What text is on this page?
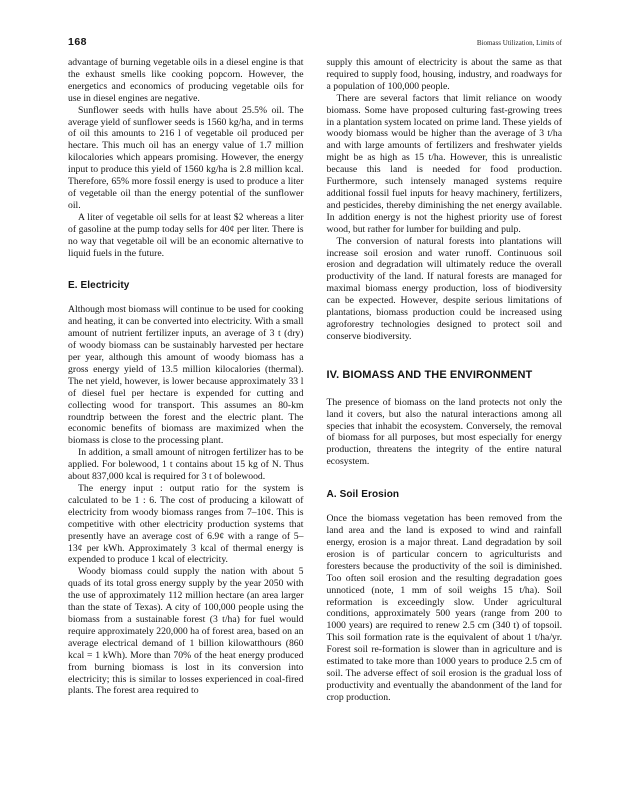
168	Biomass Utilization, Limits of

advantage of burning vegetable oils in a diesel engine is that the exhaust smells like cooking popcorn. However, the energetics and economics of producing vegetable oils for use in diesel engines are negative.

Sunflower seeds with hulls have about 25.5% oil. The average yield of sunflower seeds is 1560 kg/ha, and in terms of oil this amounts to 216 l of vegetable oil produced per hectare. This much oil has an energy value of 1.7 million kilocalories which appears promising. However, the energy input to produce this yield of 1560 kg/ha is 2.8 million kcal. Therefore, 65% more fossil energy is used to produce a liter of vegetable oil than the energy potential of the sunflower oil.

A liter of vegetable oil sells for at least $2 whereas a liter of gasoline at the pump today sells for 40¢ per liter. There is no way that vegetable oil will be an economic alternative to liquid fuels in the future.

E. Electricity

Although most biomass will continue to be used for cooking and heating, it can be converted into electricity. With a small amount of nutrient fertilizer inputs, an average of 3 t (dry) of woody biomass can be sustainably harvested per hectare per year, although this amount of woody biomass has a gross energy yield of 13.5 million kilocalories (thermal). The net yield, however, is lower because approximately 33 l of diesel fuel per hectare is expended for cutting and collecting wood for transport. This assumes an 80-km roundtrip between the forest and the electric plant. The economic benefits of biomass are maximized when the biomass is close to the processing plant.

In addition, a small amount of nitrogen fertilizer has to be applied. For bolewood, 1 t contains about 15 kg of N. Thus about 837,000 kcal is required for 3 t of bolewood.

The energy input : output ratio for the system is calculated to be 1 : 6. The cost of producing a kilowatt of electricity from woody biomass ranges from 7–10¢. This is competitive with other electricity production systems that presently have an average cost of 6.9¢ with a range of 5–13¢ per kWh. Approximately 3 kcal of thermal energy is expended to produce 1 kcal of electricity.

Woody biomass could supply the nation with about 5 quads of its total gross energy supply by the year 2050 with the use of approximately 112 million hectare (an area larger than the state of Texas). A city of 100,000 people using the biomass from a sustainable forest (3 t/ha) for fuel would require approximately 220,000 ha of forest area, based on an average electrical demand of 1 billion kilowatthours (860 kcal = 1 kWh). More than 70% of the heat energy produced from burning biomass is lost in its conversion into electricity; this is similar to losses experienced in coal-fired plants. The forest area required to

supply this amount of electricity is about the same as that required to supply food, housing, industry, and roadways for a population of 100,000 people.

There are several factors that limit reliance on woody biomass. Some have proposed culturing fast-growing trees in a plantation system located on prime land. These yields of woody biomass would be higher than the average of 3 t/ha and with large amounts of fertilizers and freshwater yields might be as high as 15 t/ha. However, this is unrealistic because this land is needed for food production. Furthermore, such intensely managed systems require additional fossil fuel inputs for heavy machinery, fertilizers, and pesticides, thereby diminishing the net energy available. In addition energy is not the highest priority use of forest wood, but rather for lumber for building and pulp.

The conversion of natural forests into plantations will increase soil erosion and water runoff. Continuous soil erosion and degradation will ultimately reduce the overall productivity of the land. If natural forests are managed for maximal biomass energy production, loss of biodiversity can be expected. However, despite serious limitations of plantations, biomass production could be increased using agroforestry technologies designed to protect soil and conserve biodiversity.

IV. BIOMASS AND THE ENVIRONMENT

The presence of biomass on the land protects not only the land it covers, but also the natural interactions among all species that inhabit the ecosystem. Conversely, the removal of biomass for all purposes, but most especially for energy production, threatens the integrity of the entire natural ecosystem.

A. Soil Erosion

Once the biomass vegetation has been removed from the land area and the land is exposed to wind and rainfall energy, erosion is a major threat. Land degradation by soil erosion is of particular concern to agriculturists and foresters because the productivity of the soil is diminished. Too often soil erosion and the resulting degradation goes unnoticed (note, 1 mm of soil weighs 15 t/ha). Soil reformation is exceedingly slow. Under agricultural conditions, approximately 500 years (range from 200 to 1000 years) are required to renew 2.5 cm (340 t) of topsoil. This soil formation rate is the equivalent of about 1 t/ha/yr. Forest soil re-formation is slower than in agriculture and is estimated to take more than 1000 years to produce 2.5 cm of soil. The adverse effect of soil erosion is the gradual loss of productivity and eventually the abandonment of the land for crop production.
